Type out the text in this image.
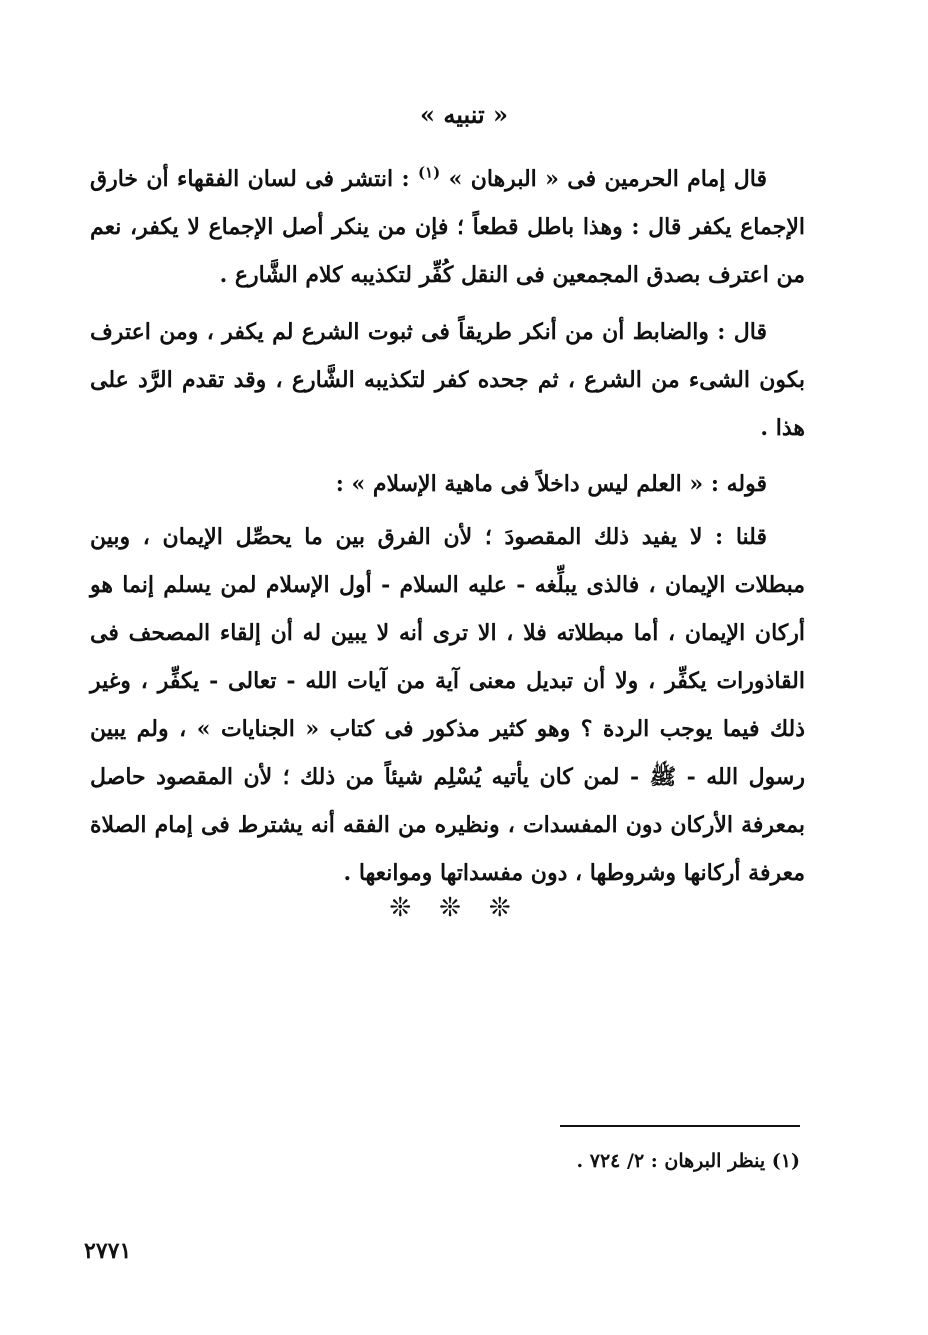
« تنبيه »
قال إمام الحرمين فى « البرهان » $^{(١)}$ : انتشر فى لسان الفقهاء أن خارق الإجماع يكفر قال : وهذا باطل قطعاً ؛ فإن من ينكر أصل الإجماع لا يكفر، نعم من اعترف بصدق المجمعين فى النقل كُفِّر لتكذيبه كلام الشَّارع .
قال : والضابط أن من أنكر طريقاً فى ثبوت الشرع لم يكفر ، ومن اعترف بكون الشىء من الشرع ، ثم جحده كفر لتكذيبه الشَّارع ، وقد تقدم الرَّد على هذا .
قوله : « العلم ليس داخلاً فى ماهية الإسلام » :
قلنا : لا يفيد ذلك المقصودَ ؛ لأن الفرق بين ما يحصِّل الإيمان ، وبين مبطلات الإيمان ، فالذى يبلِّغه - عليه السلام - أول الإسلام لمن يسلم إنما هو أركان الإيمان ، أما مبطلاته فلا ، الا ترى أنه لا يبين له أن إلقاء المصحف فى القاذورات يكفِّر ، ولا أن تبديل معنى آية من آيات الله - تعالى - يكفِّر ، وغير ذلك فيما يوجب الردة ؟ وهو كثير مذكور فى كتاب « الجنايات » ، ولم يبين رسول الله - ﷺ - لمن كان يأتيه يُسْلِم شيئاً من ذلك ؛ لأن المقصود حاصل بمعرفة الأركان دون المفسدات ، ونظيره من الفقه أنه يشترط فى إمام الصلاة معرفة أركانها وشروطها ، دون مفسداتها وموانعها .
❊❊❊
(١) ينظر البرهان : ٢/ ٧٢٤ .
٢٧٧١
